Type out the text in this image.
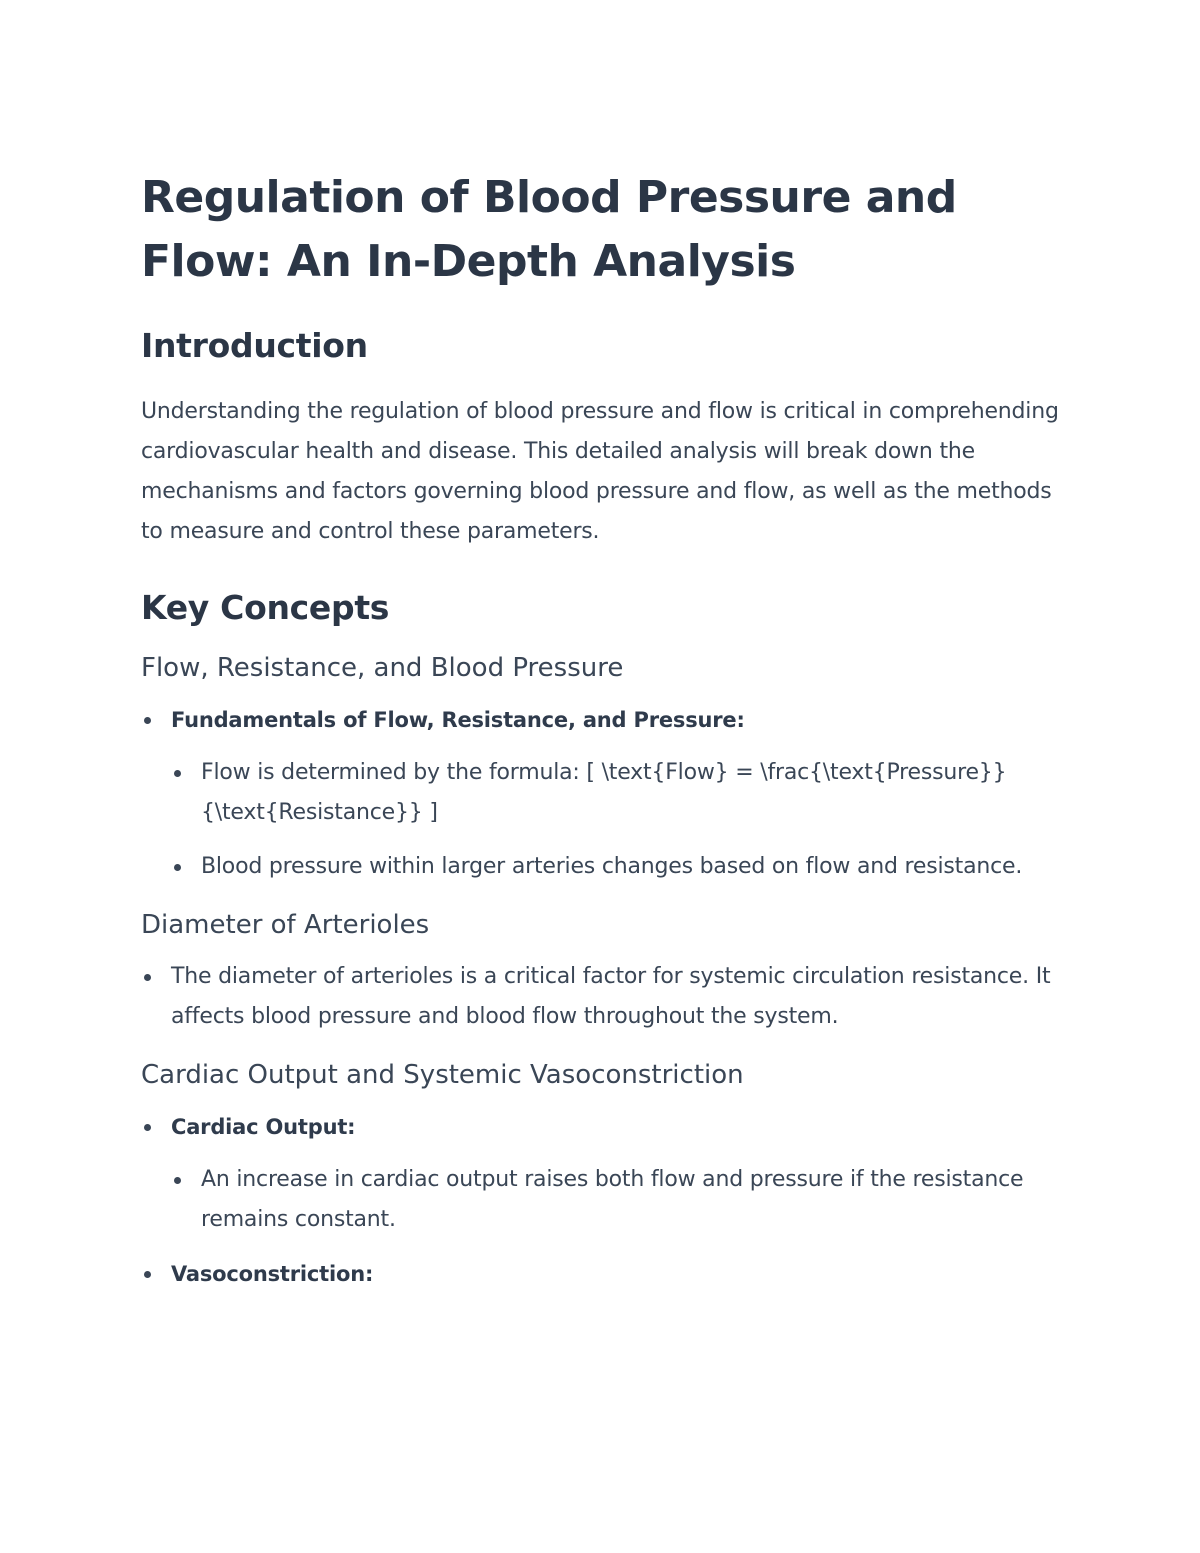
Regulation of Blood Pressure and Flow: An In-Depth Analysis
Introduction

Understanding the regulation of blood pressure and flow is critical in comprehending cardiovascular health and disease. This detailed analysis will break down the mechanisms and factors governing blood pressure and flow, as well as the methods to measure and control these parameters.

Key Concepts
Flow, Resistance, and Blood Pressure
Fundamentals of Flow, Resistance, and Pressure:
Flow is determined by the formula: [ \text{Flow} = \frac{\text{Pressure}}{\text{Resistance}} ]
Blood pressure within larger arteries changes based on flow and resistance.
Diameter of Arterioles
The diameter of arterioles is a critical factor for systemic circulation resistance. It affects blood pressure and blood flow throughout the system.
Cardiac Output and Systemic Vasoconstriction
Cardiac Output:
An increase in cardiac output raises both flow and pressure if the resistance remains constant.
Vasoconstriction:
